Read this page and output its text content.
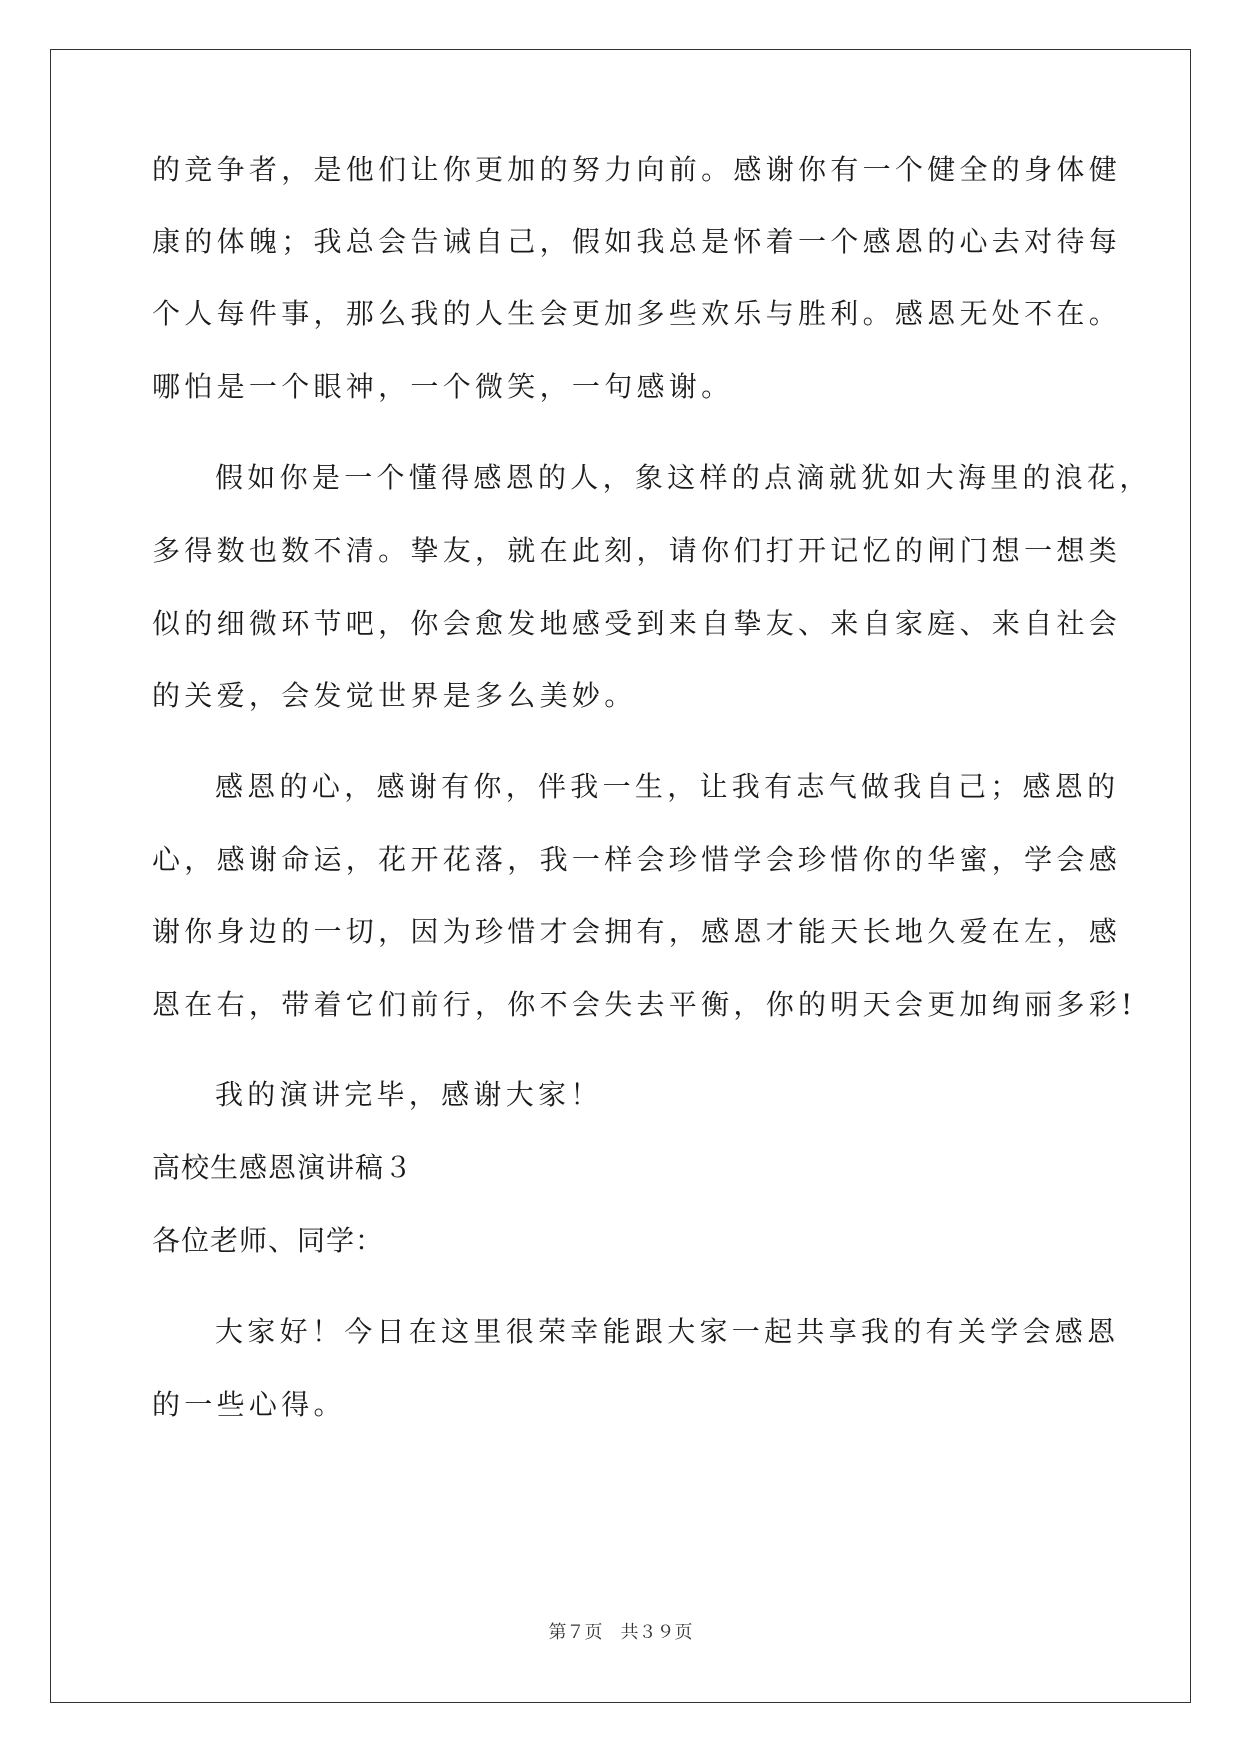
的竞争者，是他们让你更加的努力向前。感谢你有一个健全的身体健
康的体魄；我总会告诫自己，假如我总是怀着一个感恩的心去对待每
个人每件事，那么我的人生会更加多些欢乐与胜利。感恩无处不在。
哪怕是一个眼神，一个微笑，一句感谢。
假如你是一个懂得感恩的人，象这样的点滴就犹如大海里的浪花，
多得数也数不清。挚友，就在此刻，请你们打开记忆的闸门想一想类
似的细微环节吧，你会愈发地感受到来自挚友、来自家庭、来自社会
的关爱，会发觉世界是多么美妙。
感恩的心，感谢有你，伴我一生，让我有志气做我自己；感恩的
心，感谢命运，花开花落，我一样会珍惜学会珍惜你的华蜜，学会感
谢你身边的一切，因为珍惜才会拥有，感恩才能天长地久爱在左，感
恩在右，带着它们前行，你不会失去平衡，你的明天会更加绚丽多彩!
我的演讲完毕，感谢大家！
高校生感恩演讲稿３
各位老师、同学：
大家好！今日在这里很荣幸能跟大家一起共享我的有关学会感恩
的一些心得。
第７页　共３９页
